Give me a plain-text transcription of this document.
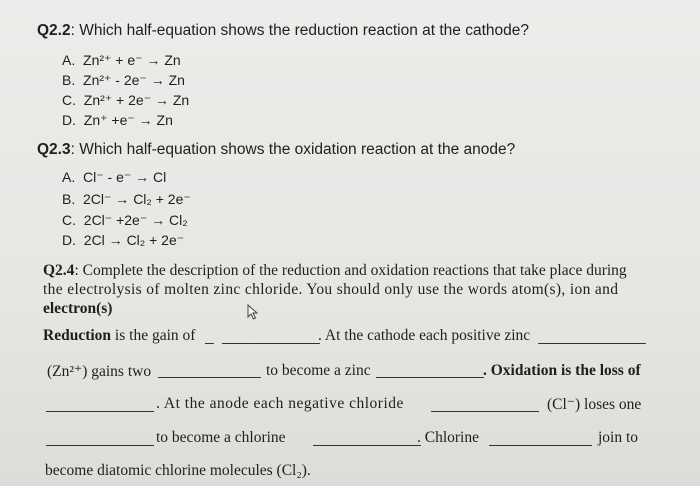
Q2.2: Which half-equation shows the reduction reaction at the cathode?
A. Zn²⁺ + e⁻ → Zn
B. Zn²⁺ - 2e⁻ → Zn
C. Zn²⁺ + 2e⁻ → Zn
D. Zn⁺ +e⁻ → Zn
Q2.3: Which half-equation shows the oxidation reaction at the anode?
A. Cl⁻ - e⁻ → Cl
B. 2Cl⁻ → Cl₂ + 2e⁻
C. 2Cl⁻ +2e⁻ → Cl₂
D. 2Cl → Cl₂ + 2e⁻
Q2.4: Complete the description of the reduction and oxidation reactions that take place during
the electrolysis of molten zinc chloride. You should only use the words atom(s), ion and
electron(s)
Reduction is the gain of	. At the cathode each positive zinc
(Zn²⁺) gains two	to become a zinc	. Oxidation is the loss of
. At the anode each negative chloride	(Cl⁻) loses one
to become a chlorine	. Chlorine	join to
become diatomic chlorine molecules (Cl₂).
